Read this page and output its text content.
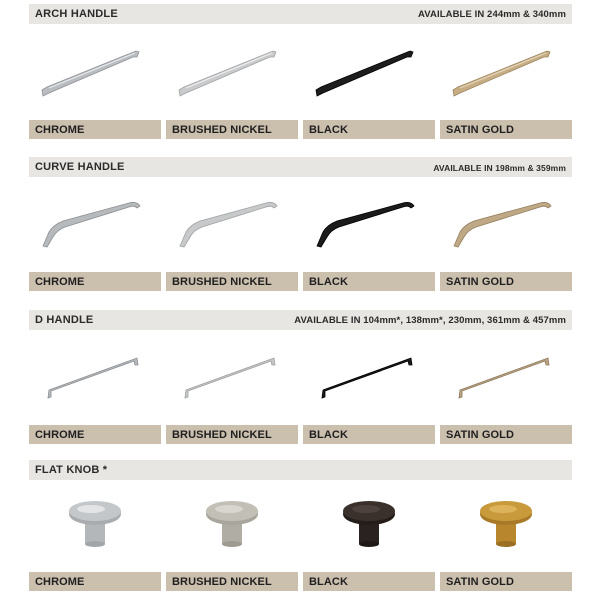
ARCH HANDLE	AVAILABLE IN 244mm & 340mm
CHROME	BRUSHED NICKEL	BLACK	SATIN GOLD
CURVE HANDLE	AVAILABLE IN 198mm & 359mm
CHROME	BRUSHED NICKEL	BLACK	SATIN GOLD
D HANDLE	AVAILABLE IN 104mm*, 138mm*, 230mm, 361mm & 457mm
CHROME	BRUSHED NICKEL	BLACK	SATIN GOLD
FLAT KNOB *
CHROME	BRUSHED NICKEL	BLACK	SATIN GOLD
